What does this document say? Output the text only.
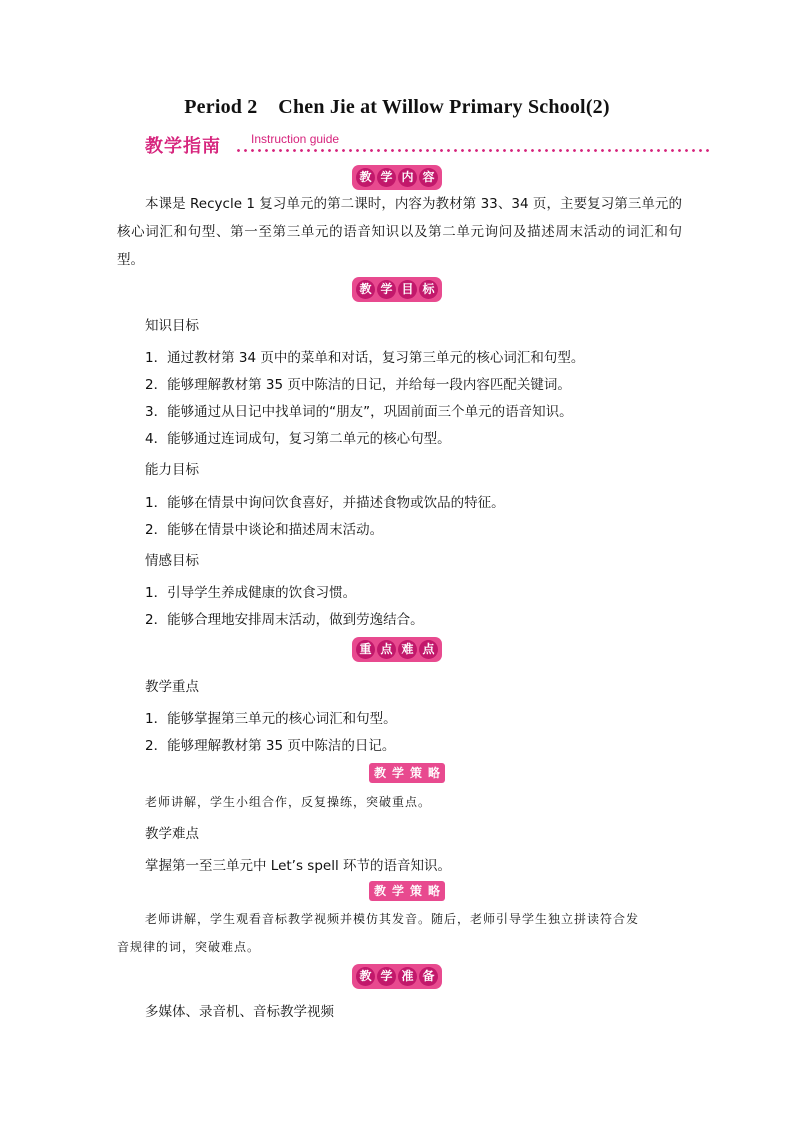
Period 2    Chen Jie at Willow Primary School(2)
教学指南	Instruction guide
教 学 内 容
本课是 Recycle 1 复习单元的第二课时，内容为教材第 33、34 页，主要复习第三单元的核心词汇和句型、第一至第三单元的语音知识以及第二单元询问及描述周末活动的词汇和句型。
教 学 目 标
知识目标
1．通过教材第 34 页中的菜单和对话，复习第三单元的核心词汇和句型。
2．能够理解教材第 35 页中陈洁的日记，并给每一段内容匹配关键词。
3．能够通过从日记中找单词的“朋友”，巩固前面三个单元的语音知识。
4．能够通过连词成句，复习第二单元的核心句型。
能力目标
1．能够在情景中询问饮食喜好，并描述食物或饮品的特征。
2．能够在情景中谈论和描述周末活动。
情感目标
1．引导学生养成健康的饮食习惯。
2．能够合理地安排周末活动，做到劳逸结合。
重 点 难 点
教学重点
1．能够掌握第三单元的核心词汇和句型。
2．能够理解教材第 35 页中陈洁的日记。
教 学 策 略
老师讲解，学生小组合作，反复操练，突破重点。
教学难点
掌握第一至三单元中 Let’s spell 环节的语音知识。
教 学 策 略
老师讲解，学生观看音标教学视频并模仿其发音。随后，老师引导学生独立拼读符合发
音规律的词，突破难点。
教 学 准 备
多媒体、录音机、音标教学视频
